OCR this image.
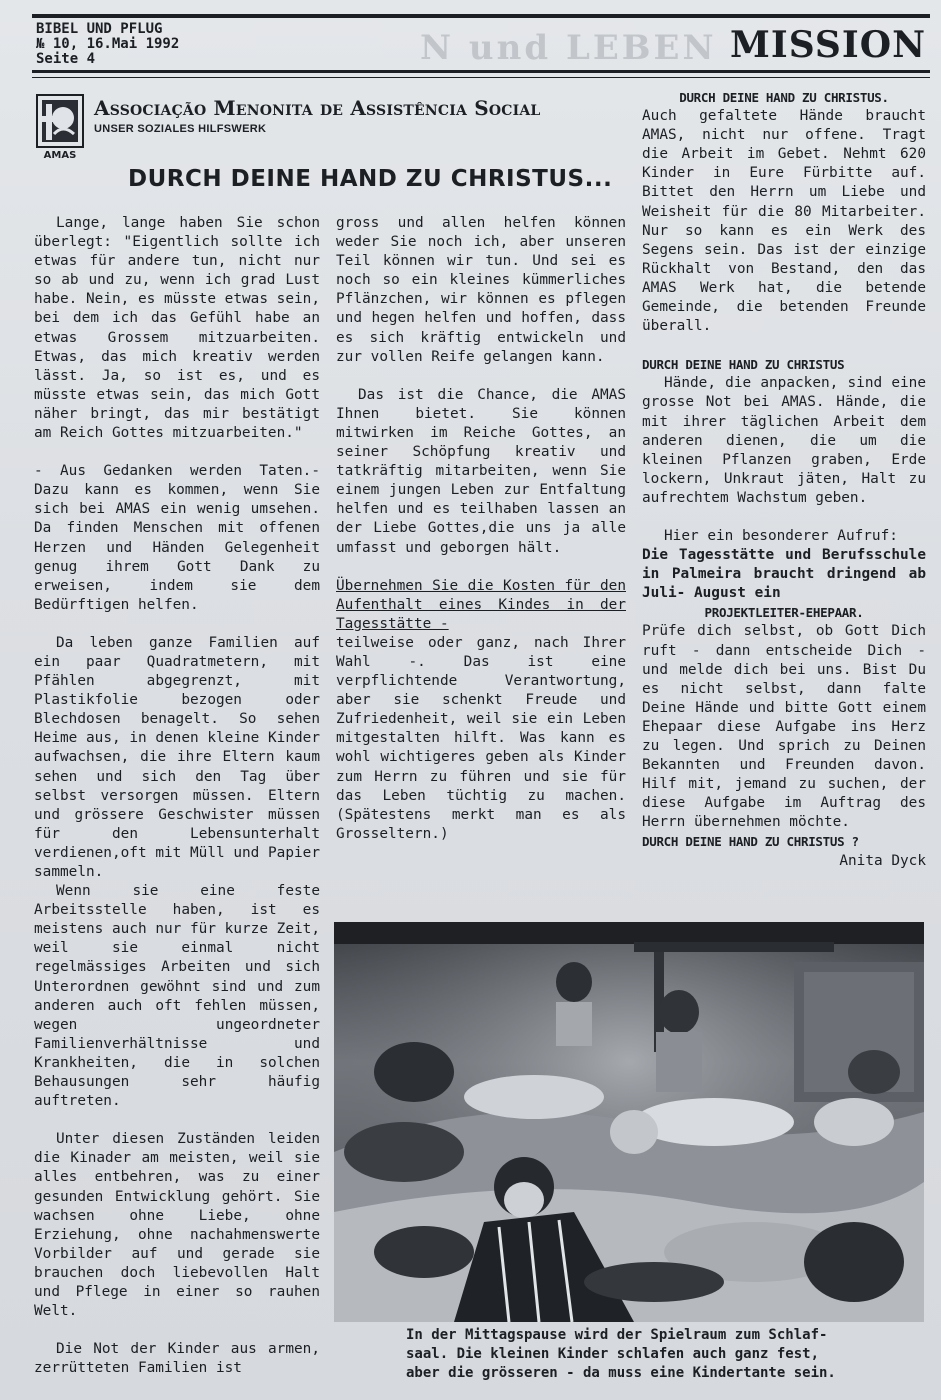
N und LEBEN
BIBEL UND PFLUG
№ 10, 16.Mai 1992
Seite 4	MISSION
AMAS
Associação Menonita de Assistência Social
UNSER SOZIALES HILFSWERK
DURCH DEINE HAND ZU CHRISTUS...

Lange, lange haben Sie schon überlegt: "Eigentlich sollte ich etwas für andere tun, nicht nur so ab und zu, wenn ich grad Lust habe. Nein, es müsste etwas sein, bei dem ich das Gefühl habe an etwas Grossem mitzuarbeiten. Etwas, das mich kreativ werden lässt. Ja, so ist es, und es müsste etwas sein, das mich Gott näher bringt, das mir bestätigt am Reich Gottes mitzuarbeiten."

- Aus Gedanken werden Taten.- Dazu kann es kommen, wenn Sie sich bei AMAS ein wenig umsehen. Da finden Menschen mit offenen Herzen und Händen Gelegenheit genug ihrem Gott Dank zu erweisen, indem sie dem Bedürftigen helfen.

Da leben ganze Familien auf ein paar Quadratmetern, mit Pfählen abgegrenzt, mit Plastikfolie bezogen oder Blechdosen benagelt. So sehen Heime aus, in denen kleine Kinder aufwachsen, die ihre Eltern kaum sehen und sich den Tag über selbst versorgen müssen. Eltern und grössere Geschwister müssen für den Lebensunterhalt verdienen,oft mit Müll und Papier sammeln.

Wenn sie eine feste Arbeitsstelle haben, ist es meistens auch nur für kurze Zeit, weil sie einmal nicht regelmässiges Arbeiten und sich Unterordnen gewöhnt sind und zum anderen auch oft fehlen müssen, wegen ungeordneter Familienverhältnisse und Krankheiten, die in solchen Behausungen sehr häufig auftreten.

Unter diesen Zuständen leiden die Kinader am meisten, weil sie alles entbehren, was zu einer gesunden Entwicklung gehört. Sie wachsen ohne Liebe, ohne Erziehung, ohne nachahmenswerte Vorbilder auf und gerade sie brauchen doch liebevollen Halt und Pflege in einer so rauhen Welt.

Die Not der Kinder aus armen, zerrütteten Familien ist

gross und allen helfen können weder Sie noch ich, aber unseren Teil können wir tun. Und sei es noch so ein kleines kümmerliches Pflänzchen, wir können es pflegen und hegen helfen und hoffen, dass es sich kräftig entwickeln und zur vollen Reife gelangen kann.

Das ist die Chance, die AMAS Ihnen bietet. Sie können mitwirken im Reiche Gottes, an seiner Schöpfung kreativ und tatkräftig mitarbeiten, wenn Sie einem jungen Leben zur Entfaltung helfen und es teilhaben lassen an der Liebe Gottes,die uns ja alle umfasst und geborgen hält.

Übernehmen Sie die Kosten für den Aufenthalt eines Kindes in der Tagesstätte -

teilweise oder ganz, nach Ihrer Wahl -. Das ist eine verpflichtende Verantwortung, aber sie schenkt Freude und Zufriedenheit, weil sie ein Leben mitgestalten hilft. Was kann es wohl wichtigeres geben als Kinder zum Herrn zu führen und sie für das Leben tüchtig zu machen. (Spätestens merkt man es als Grosseltern.)

DURCH DEINE HAND ZU CHRISTUS.

Auch gefaltete Hände braucht AMAS, nicht nur offene. Tragt die Arbeit im Gebet. Nehmt 620 Kinder in Eure Fürbitte auf. Bittet den Herrn um Liebe und Weisheit für die 80 Mitarbeiter. Nur so kann es ein Werk des Segens sein. Das ist der einzige Rückhalt von Bestand, den das AMAS Werk hat, die betende Gemeinde, die betenden Freunde überall.

DURCH DEINE HAND ZU CHRISTUS

Hände, die anpacken, sind eine grosse Not bei AMAS. Hände, die mit ihrer täglichen Arbeit dem anderen dienen, die um die kleinen Pflanzen graben, Erde lockern, Unkraut jäten, Halt zu aufrechtem Wachstum geben.

Hier ein besonderer Aufruf:

Die Tagesstätte und Berufsschule in Palmeira braucht dringend ab Juli- August ein

PROJEKTLEITER-EHEPAAR.

Prüfe dich selbst, ob Gott Dich ruft - dann entscheide Dich - und melde dich bei uns. Bist Du es nicht selbst, dann falte Deine Hände und bitte Gott einem Ehepaar diese Aufgabe ins Herz zu legen. Und sprich zu Deinen Bekannten und Freunden davon. Hilf mit, jemand zu suchen, der diese Aufgabe im Auftrag des Herrn übernehmen möchte.

DURCH DEINE HAND ZU CHRISTUS ?

Anita Dyck

In der Mittagspause wird der Spielraum zum Schlaf-
saal. Die kleinen Kinder schlafen auch ganz fest,
aber die grösseren - da muss eine Kindertante sein.
